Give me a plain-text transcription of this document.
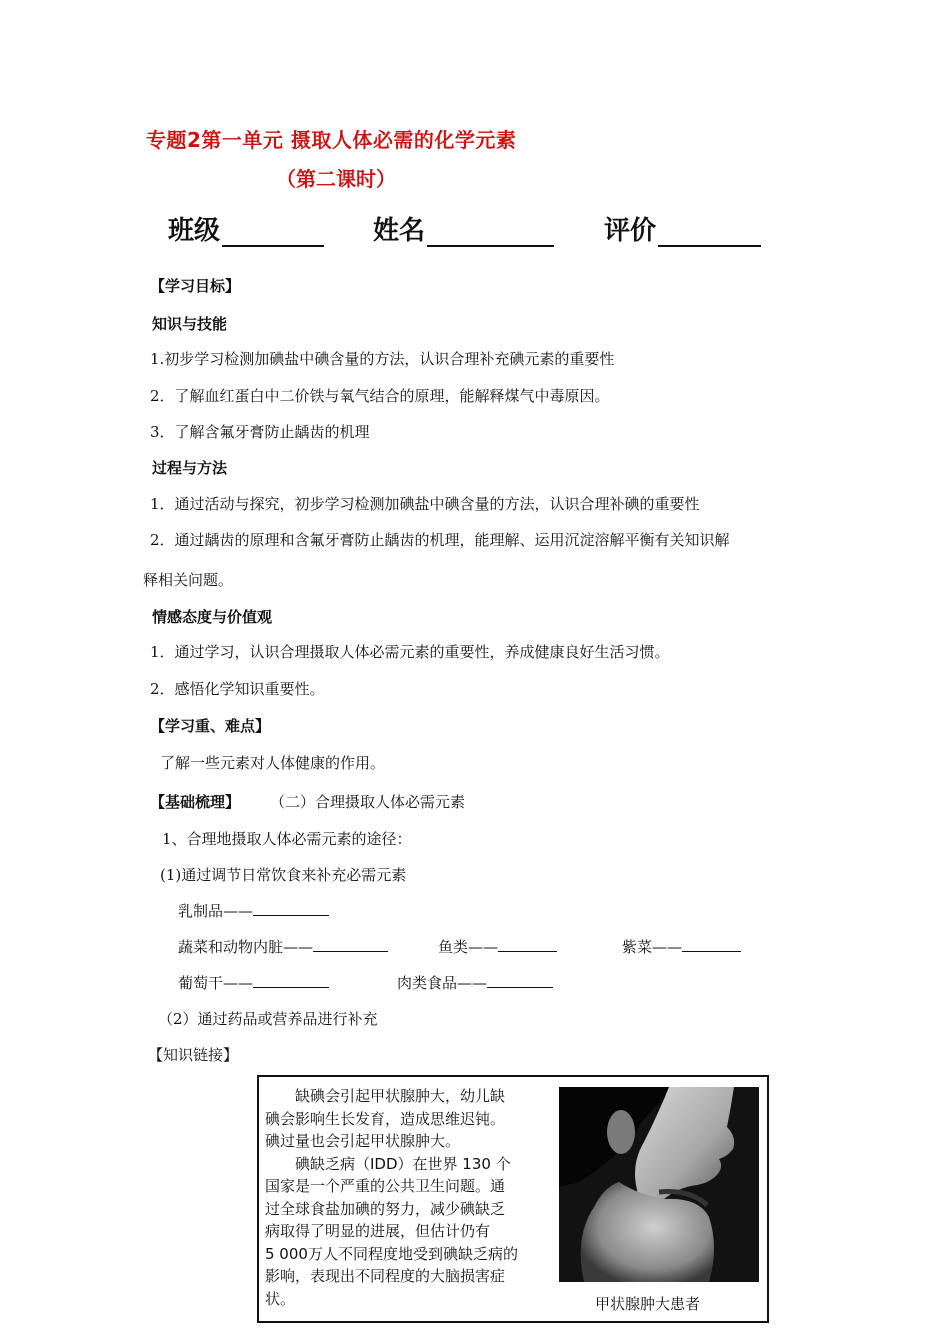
专题2第一单元 摄取人体必需的化学元素
（第二课时）
班级	姓名	评价
【学习目标】
知识与技能
1.初步学习检测加碘盐中碘含量的方法，认识合理补充碘元素的重要性
2．了解血红蛋白中二价铁与氧气结合的原理，能解释煤气中毒原因。
3．了解含氟牙膏防止龋齿的机理
过程与方法
1．通过活动与探究，初步学习检测加碘盐中碘含量的方法，认识合理补碘的重要性
2．通过龋齿的原理和含氟牙膏防止龋齿的机理，能理解、运用沉淀溶解平衡有关知识解
释相关问题。
情感态度与价值观
1．通过学习，认识合理摄取人体必需元素的重要性，养成健康良好生活习惯。
2．感悟化学知识重要性。
【学习重、难点】
了解一些元素对人体健康的作用。
【基础梳理】 （二）合理摄取人体必需元素
1、合理地摄取人体必需元素的途径：
(1)通过调节日常饮食来补充必需元素
乳制品——
蔬菜和动物内脏——	鱼类——	紫菜——
葡萄干——	肉类食品——
（2）通过药品或营养品进行补充
【知识链接】
　　缺碘会引起甲状腺肿大，幼儿缺
碘会影响生长发育，造成思维迟钝。
碘过量也会引起甲状腺肿大。
　　碘缺乏病（IDD）在世界 130 个
国家是一个严重的公共卫生问题。通
过全球食盐加碘的努力，减少碘缺乏
病取得了明显的进展，但估计仍有
5 000万人不同程度地受到碘缺乏病的
影响，表现出不同程度的大脑损害症
状。	甲状腺肿大患者
